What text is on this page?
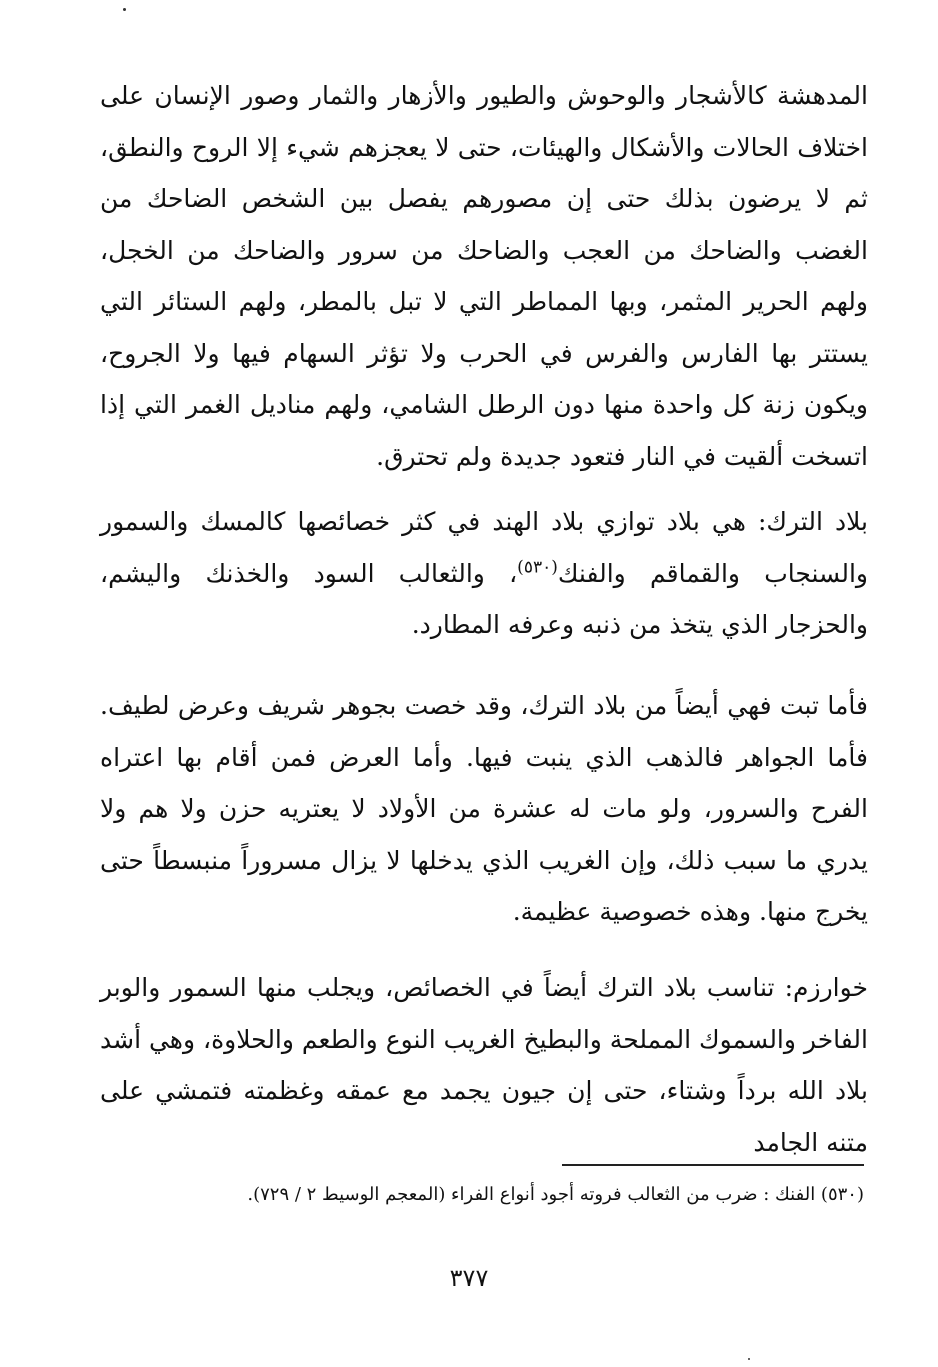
المدهشة كالأشجار والوحوش والطيور والأزهار والثمار وصور الإنسان على اختلاف الحالات والأشكال والهيئات، حتى لا يعجزهم شيء إلا الروح والنطق، ثم لا يرضون بذلك حتى إن مصورهم يفصل بين الشخص الضاحك من الغضب والضاحك من العجب والضاحك من سرور والضاحك من الخجل، ولهم الحرير المثمر، وبها المماطر التي لا تبل بالمطر، ولهم الستائر التي يستتر بها الفارس والفرس في الحرب ولا تؤثر السهام فيها ولا الجروح، ويكون زنة كل واحدة منها دون الرطل الشامي، ولهم مناديل الغمر التي إذا اتسخت ألقيت في النار فتعود جديدة ولم تحترق.

بلاد الترك: هي بلاد توازي بلاد الهند في كثر خصائصها كالمسك والسمور والسنجاب والقماقم والفنك$^{(٥٣٠)}$، والثعالب السود والخذنك واليشم، والحزجار الذي يتخذ من ذنبه وعرفه المطارد.

فأما تبت فهي أيضاً من بلاد الترك، وقد خصت بجوهر شريف وعرض لطيف. فأما الجواهر فالذهب الذي ينبت فيها. وأما العرض فمن أقام بها اعتراه الفرح والسرور، ولو مات له عشرة من الأولاد لا يعتريه حزن ولا هم ولا يدري ما سبب ذلك، وإن الغريب الذي يدخلها لا يزال مسروراً منبسطاً حتى يخرج منها. وهذه خصوصية عظيمة.

خوارزم: تناسب بلاد الترك أيضاً في الخصائص، ويجلب منها السمور والوبر الفاخر والسموك المملحة والبطيخ الغريب النوع والطعم والحلاوة، وهي أشد بلاد الله برداً وشتاء، حتى إن جيون يجمد مع عمقه وغظمته فتمشي على متنه الجامد

(٥٣٠) الفنك : ضرب من الثعالب فروته أجود أنواع الفراء (المعجم الوسيط ٢ / ٧٢٩).

٣٧٧
